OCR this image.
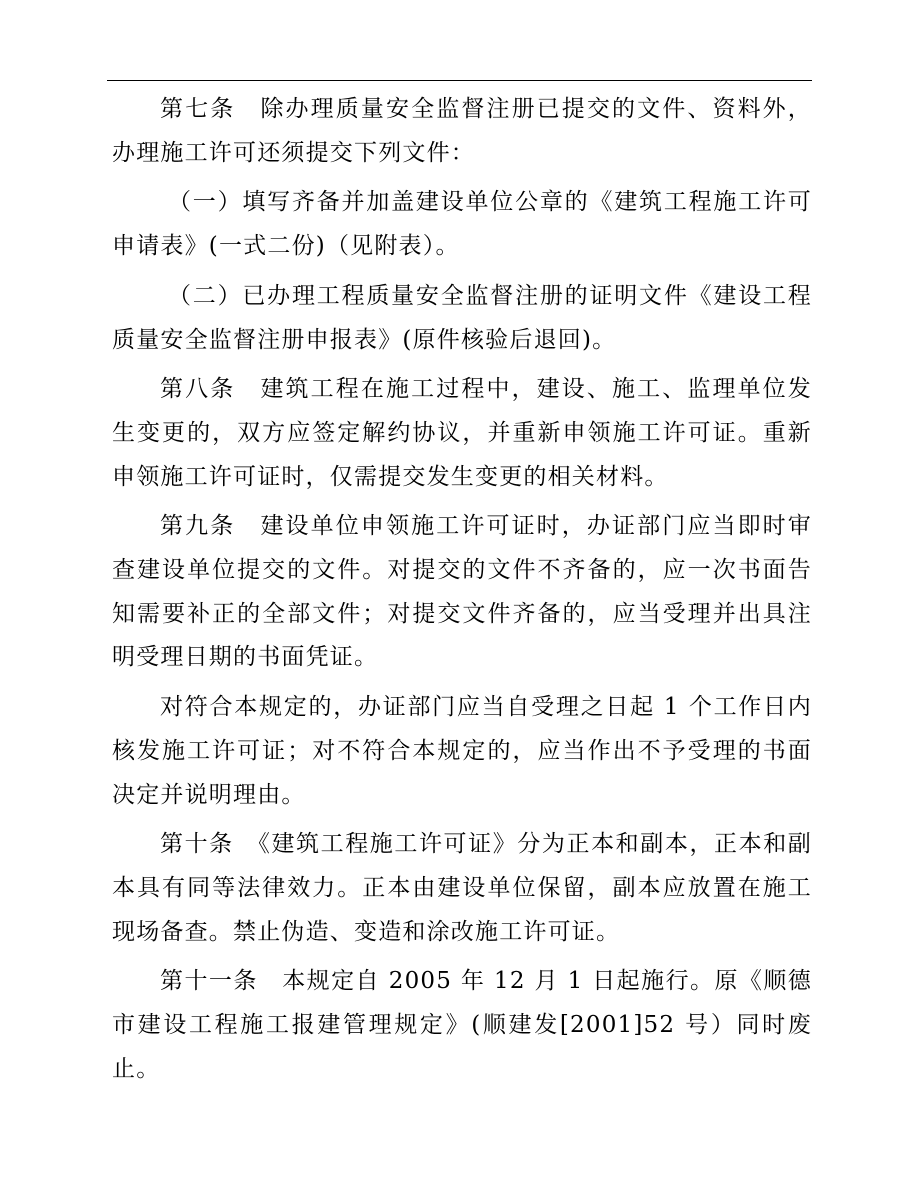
第七条　除办理质量安全监督注册已提交的文件、资料外，办理施工许可还须提交下列文件：

（一）填写齐备并加盖建设单位公章的《建筑工程施工许可申请表》(一式二份)（见附表）。

（二）已办理工程质量安全监督注册的证明文件《建设工程质量安全监督注册申报表》(原件核验后退回)。

第八条　建筑工程在施工过程中，建设、施工、监理单位发生变更的，双方应签定解约协议，并重新申领施工许可证。重新申领施工许可证时，仅需提交发生变更的相关材料。

第九条　建设单位申领施工许可证时，办证部门应当即时审查建设单位提交的文件。对提交的文件不齐备的，应一次书面告知需要补正的全部文件；对提交文件齐备的，应当受理并出具注明受理日期的书面凭证。

对符合本规定的，办证部门应当自受理之日起 1 个工作日内核发施工许可证；对不符合本规定的，应当作出不予受理的书面决定并说明理由。

第十条　《建筑工程施工许可证》分为正本和副本，正本和副本具有同等法律效力。正本由建设单位保留，副本应放置在施工现场备查。禁止伪造、变造和涂改施工许可证。

第十一条　本规定自 2005 年 12 月 1 日起施行。原《顺德市建设工程施工报建管理规定》(顺建发[2001]52 号）同时废止。
